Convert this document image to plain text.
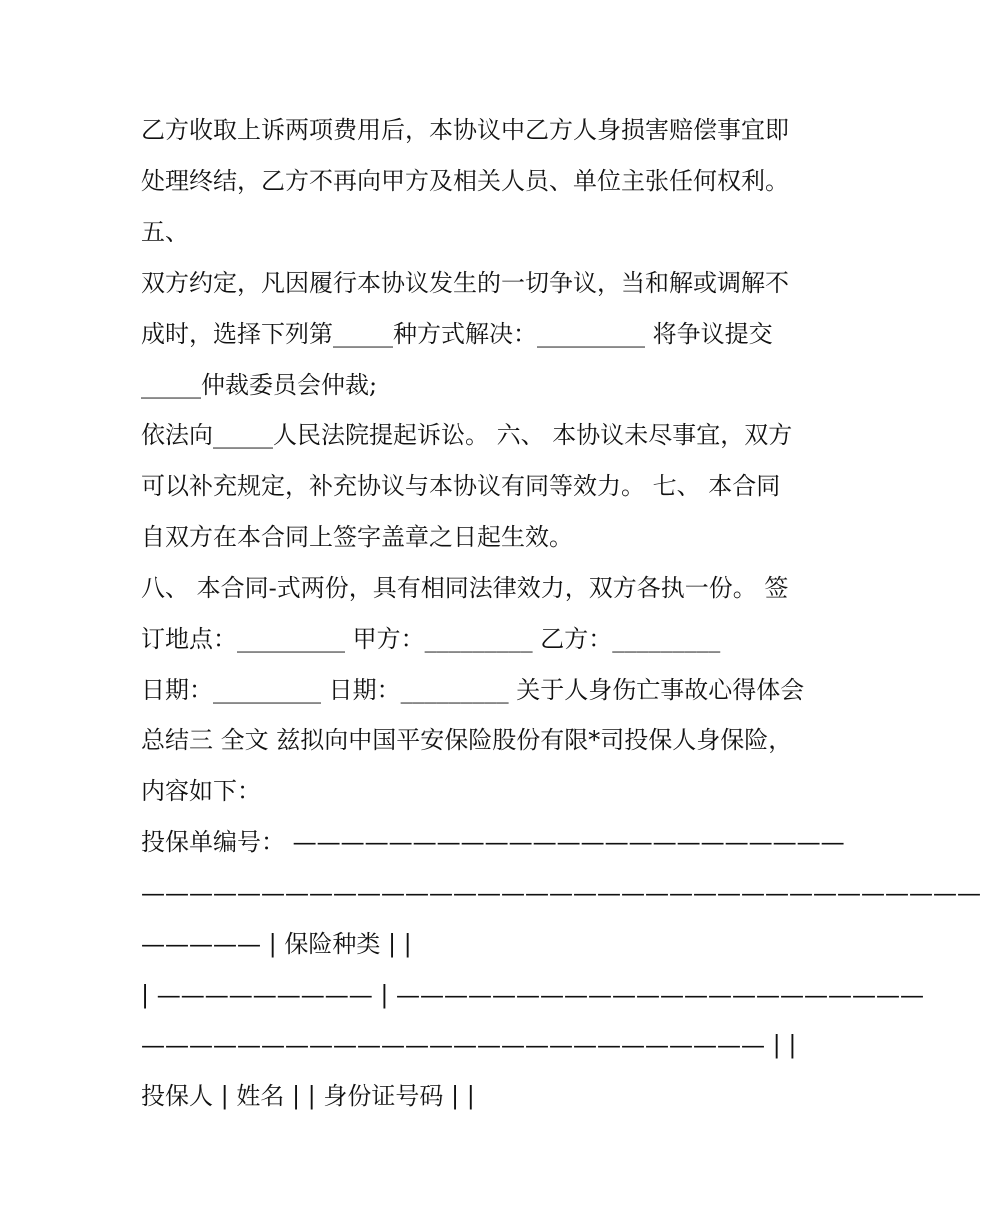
乙方收取上诉两项费用后，本协议中乙方人身损害赔偿事宜即
处理终结，乙方不再向甲方及相关人员、单位主张任何权利。
五、
双方约定，凡因履行本协议发生的一切争议，当和解或调解不
成时，选择下列第_____种方式解决：_________ 将争议提交
_____仲裁委员会仲裁;
依法向_____人民法院提起诉讼。 六、 本协议未尽事宜，双方
可以补充规定，补充协议与本协议有同等效力。 七、 本合同
自双方在本合同上签字盖章之日起生效。
八、 本合同-式两份，具有相同法律效力，双方各执一份。 签
订地点：_________ 甲方：_________ 乙方：_________
日期：_________ 日期：_________ 关于人身伤亡事故心得体会
总结三 全文 兹拟向中国平安保险股份有限*司投保人身保险，
内容如下：
投保单编号： ———————————————————————
———————————————————————————————————
————— | 保险种类 | |
| ————————— | ——————————————————————
—————————————————————————— | |
投保人 | 姓名 | | 身份证号码 | |
